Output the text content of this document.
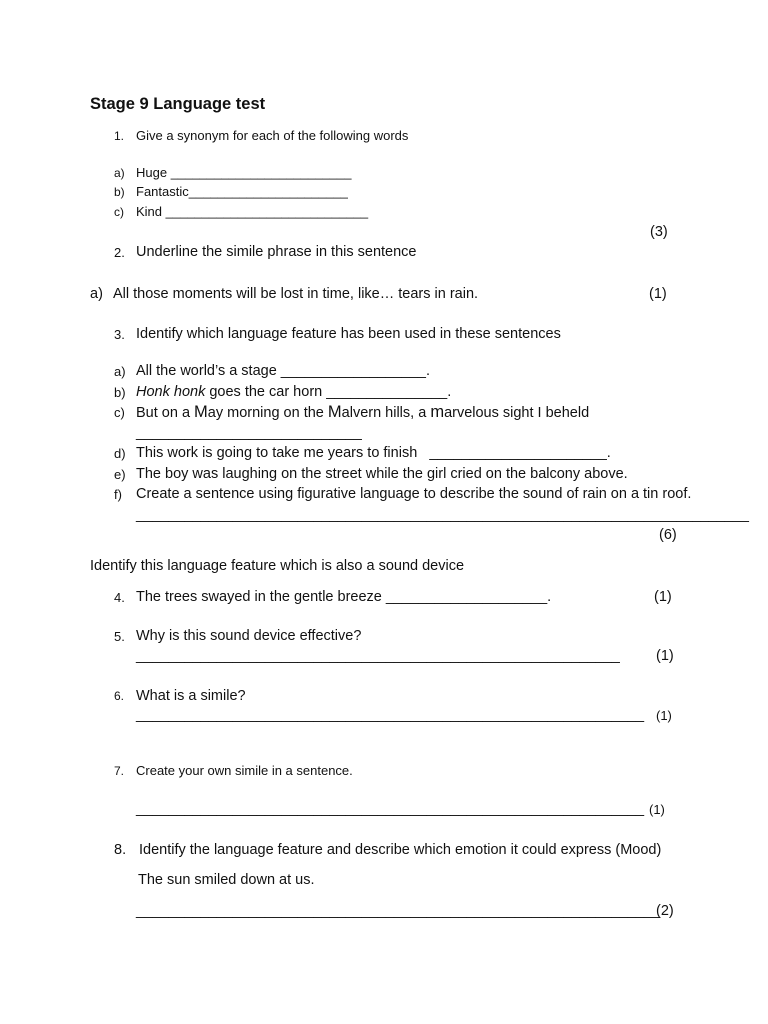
Stage 9 Language test
1. Give a synonym for each of the following words
a) Huge _________________________
b) Fantastic______________________
c) Kind ____________________________
(3)
2. Underline the simile phrase in this sentence
a) All those moments will be lost in time, like… tears in rain.	(1)
3. Identify which language feature has been used in these sentences
a) All the world’s a stage __________________.
b) Honk honk goes the car horn _______________.
c) But on a May morning on the Malvern hills, a marvelous sight I beheld
____________________________
d) This work is going to take me years to finish   ______________________.
e) The boy was laughing on the street while the girl cried on the balcony above.
f) Create a sentence using figurative language to describe the sound of rain on a tin roof.
____________________________________________________________________________
(6)
Identify this language feature which is also a sound device
4. The trees swayed in the gentle breeze ____________________.	(1)
5. Why is this sound device effective?
____________________________________________________________ (1)
6. What is a simile?
_______________________________________________________________ (1)
7. Create your own simile in a sentence.
_______________________________________________________________ (1)
8. Identify the language feature and describe which emotion it could express (Mood)
The sun smiled down at us.
_________________________________________________________________
(2)
